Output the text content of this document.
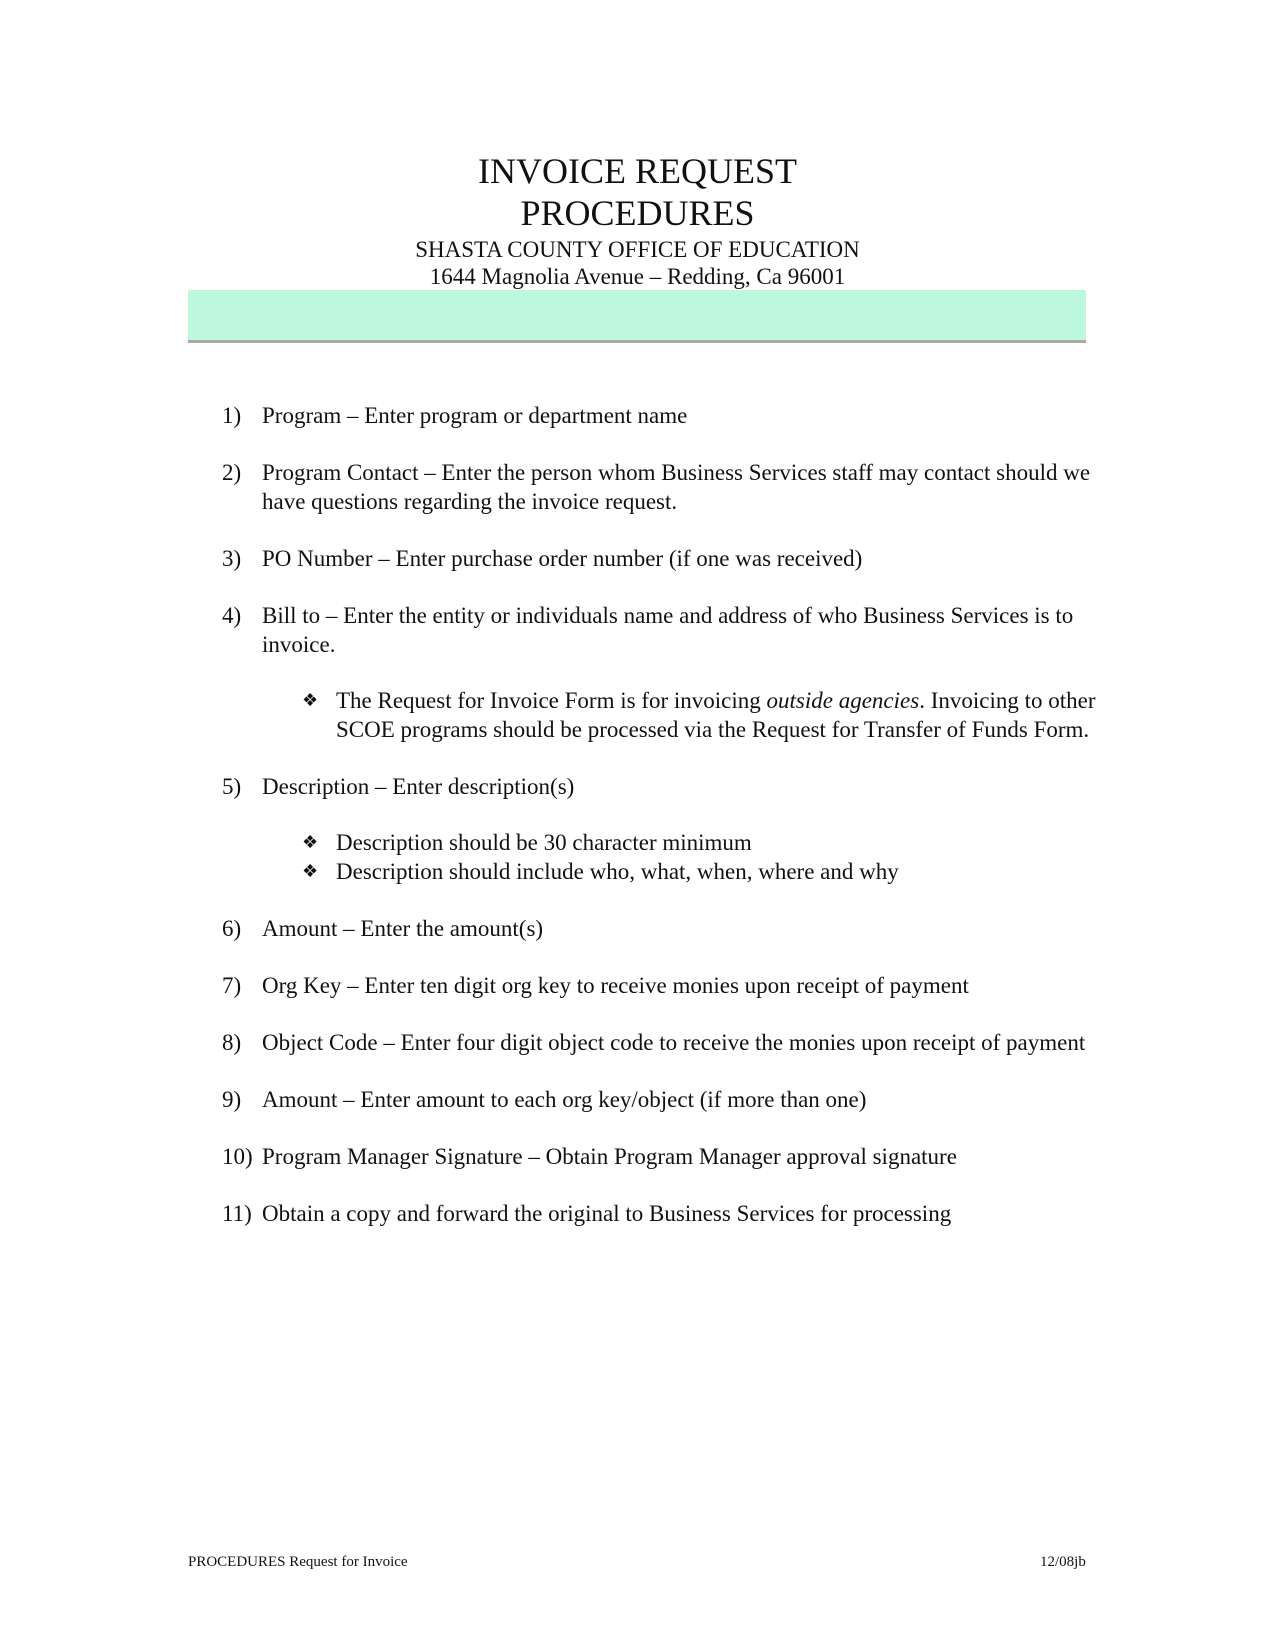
INVOICE REQUEST
PROCEDURES
SHASTA COUNTY OFFICE OF EDUCATION
1644 Magnolia Avenue – Redding, Ca 96001
1) Program – Enter program or department name
2) Program Contact – Enter the person whom Business Services staff may contact should we have questions regarding the invoice request.
3) PO Number – Enter purchase order number (if one was received)
4) Bill to – Enter the entity or individuals name and address of who Business Services is to invoice.
❖ The Request for Invoice Form is for invoicing outside agencies. Invoicing to other SCOE programs should be processed via the Request for Transfer of Funds Form.
5) Description – Enter description(s)
❖ Description should be 30 character minimum
❖ Description should include who, what, when, where and why
6) Amount – Enter the amount(s)
7) Org Key – Enter ten digit org key to receive monies upon receipt of payment
8) Object Code – Enter four digit object code to receive the monies upon receipt of payment
9) Amount – Enter amount to each org key/object (if more than one)
10) Program Manager Signature – Obtain Program Manager approval signature
11) Obtain a copy and forward the original to Business Services for processing
PROCEDURES Request for Invoice	12/08jb
